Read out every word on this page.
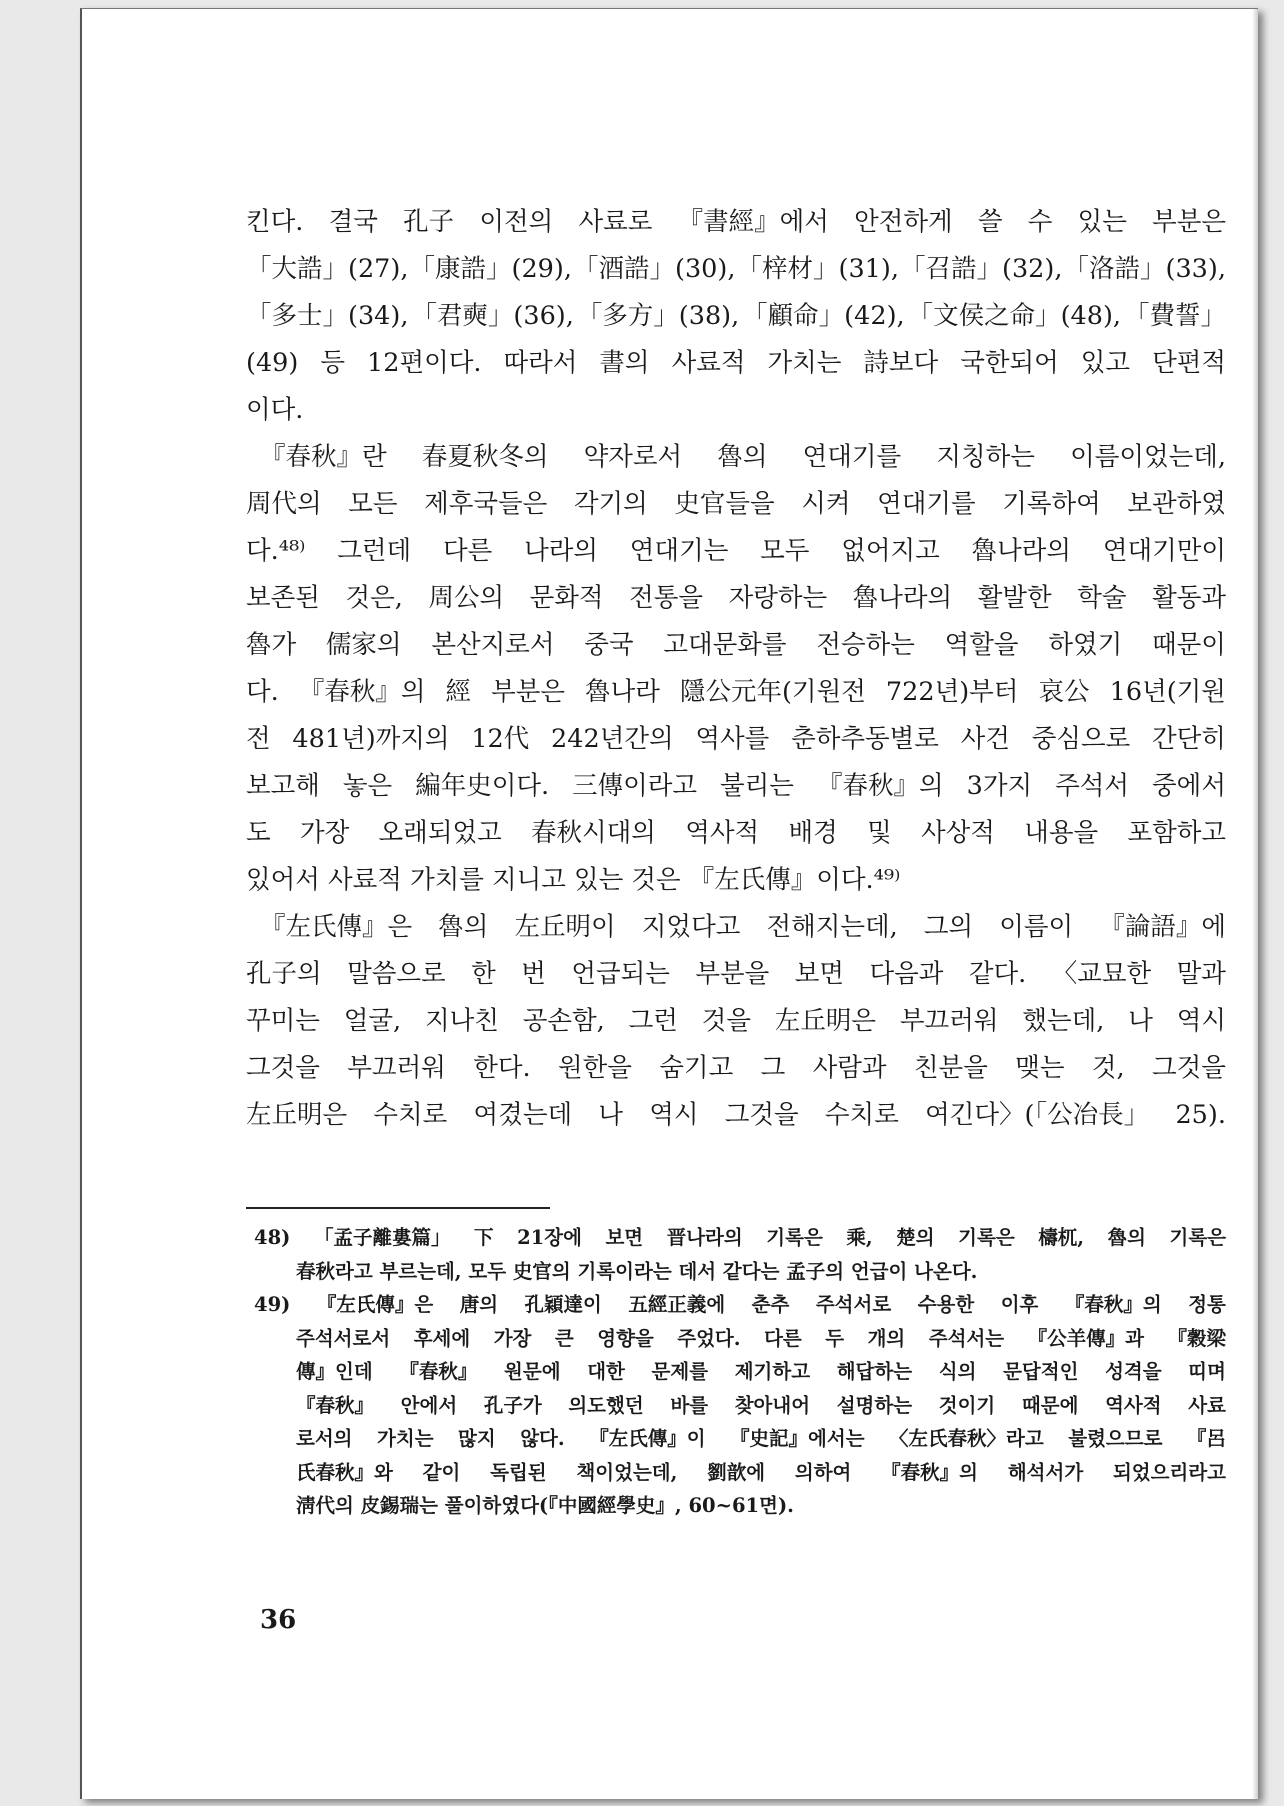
킨다. 결국 孔子 이전의 사료로 『書經』에서 안전하게 쓸 수 있는 부분은
「大誥」(27), 「康誥」(29), 「酒誥」(30), 「梓材」(31), 「召誥」(32), 「洛誥」(33),
「多士」(34), 「君奭」(36), 「多方」(38), 「顧命」(42), 「文侯之命」(48), 「費誓」
(49) 등 12편이다. 따라서 書의 사료적 가치는 詩보다 국한되어 있고 단편적
이다.
『春秋』란 春夏秋冬의 약자로서 魯의 연대기를 지칭하는 이름이었는데,
周代의 모든 제후국들은 각기의 史官들을 시켜 연대기를 기록하여 보관하였
다.⁴⁸⁾ 그런데 다른 나라의 연대기는 모두 없어지고 魯나라의 연대기만이
보존된 것은, 周公의 문화적 전통을 자랑하는 魯나라의 활발한 학술 활동과
魯가 儒家의 본산지로서 중국 고대문화를 전승하는 역할을 하였기 때문이
다. 『春秋』의 經 부분은 魯나라 隱公元年(기원전 722년)부터 哀公 16년(기원
전 481년)까지의 12代 242년간의 역사를 춘하추동별로 사건 중심으로 간단히
보고해 놓은 編年史이다. 三傳이라고 불리는 『春秋』의 3가지 주석서 중에서
도 가장 오래되었고 春秋시대의 역사적 배경 및 사상적 내용을 포함하고
있어서 사료적 가치를 지니고 있는 것은 『左氏傳』이다.⁴⁹⁾
『左氏傳』은 魯의 左丘明이 지었다고 전해지는데, 그의 이름이 『論語』에
孔子의 말씀으로 한 번 언급되는 부분을 보면 다음과 같다. 〈교묘한 말과
꾸미는 얼굴, 지나친 공손함, 그런 것을 左丘明은 부끄러워 했는데, 나 역시
그것을 부끄러워 한다. 원한을 숨기고 그 사람과 친분을 맺는 것, 그것을
左丘明은 수치로 여겼는데 나 역시 그것을 수치로 여긴다〉(「公冶長」 25).
48) 「孟子離婁篇」 下 21장에 보면 晋나라의 기록은 乘, 楚의 기록은 檮杌, 魯의 기록은
春秋라고 부르는데, 모두 史官의 기록이라는 데서 같다는 孟子의 언급이 나온다.
49) 『左氏傳』은 唐의 孔穎達이 五經正義에 춘추 주석서로 수용한 이후 『春秋』의 정통
주석서로서 후세에 가장 큰 영향을 주었다. 다른 두 개의 주석서는 『公羊傳』과 『穀梁
傳』인데 『春秋』 원문에 대한 문제를 제기하고 해답하는 식의 문답적인 성격을 띠며
『春秋』 안에서 孔子가 의도했던 바를 찾아내어 설명하는 것이기 때문에 역사적 사료
로서의 가치는 많지 않다. 『左氏傳』이 『史記』에서는 〈左氏春秋〉라고 불렸으므로 『呂
氏春秋』와 같이 독립된 책이었는데, 劉歆에 의하여 『春秋』의 해석서가 되었으리라고
淸代의 皮錫瑞는 풀이하였다(『中國經學史』, 60~61면).
36
